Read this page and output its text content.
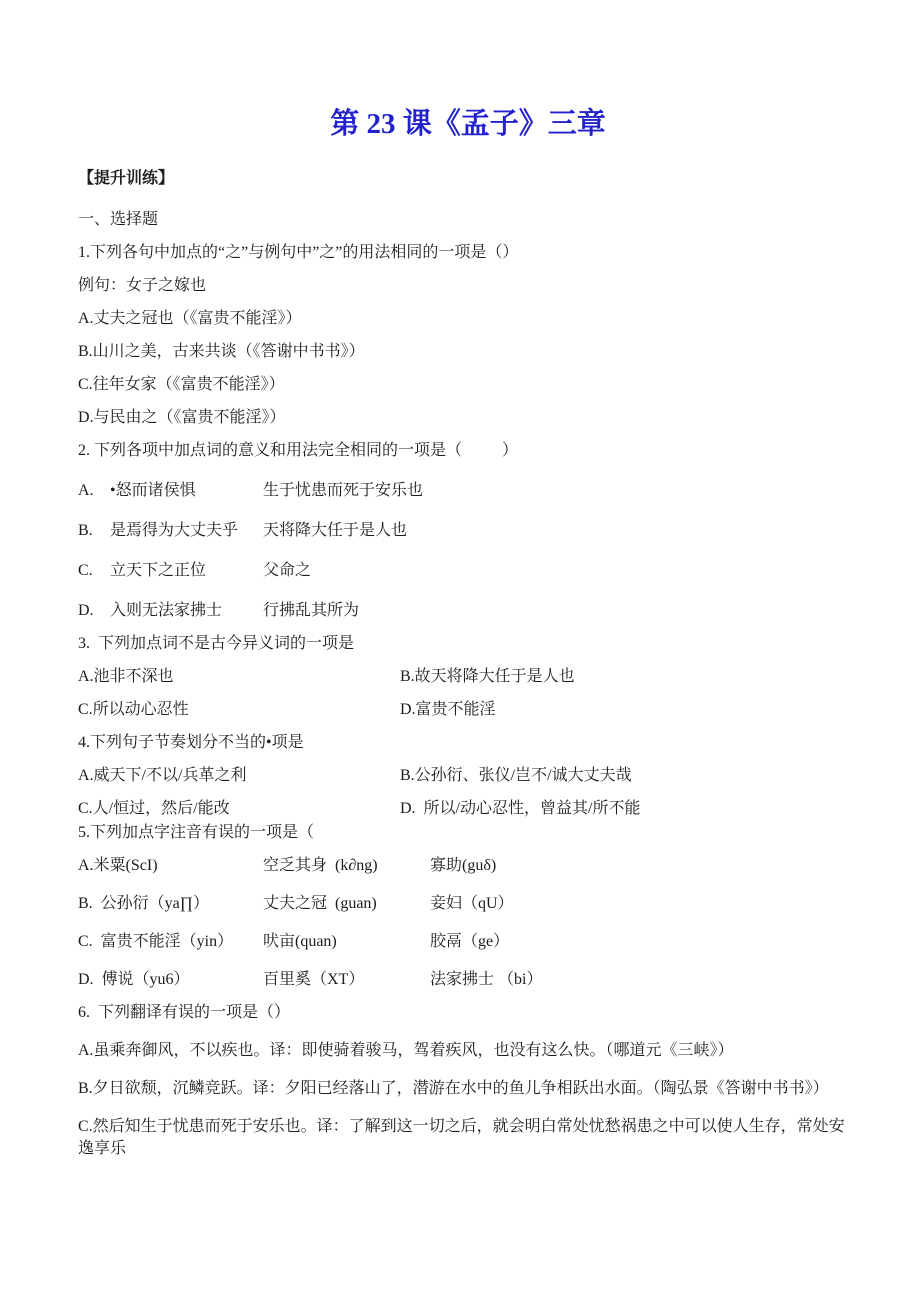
第 23 课《孟子》三章
【提升训练】
一、选择题
1.下列各句中加点的“之”与例句中”之”的用法相同的一项是（）
例句：女子之嫁也
A.丈夫之冠也（《富贵不能淫》）
B.山川之美，古来共谈（《答谢中书书》）
C.往年女家（《富贵不能淫》）
D.与民由之（《富贵不能淫》）
2. 下列各项中加点词的意义和用法完全相同的一项是（          ）
A.	•怒而诸侯惧	生于忧患而死于安乐也
B.	是焉得为大丈夫乎	天将降大任于是人也
C.	立天下之正位	父命之
D.	入则无法家拂士	行拂乱其所为
3.  下列加点词不是古今异义词的一项是
A.池非不深也	B.故天将降大任于是人也
C.所以动心忍性	D.富贵不能淫
4.下列句子节奏划分不当的•项是
A.威天下/不以/兵革之利	B.公孙衍、张仪/岂不/诚大丈夫哉
C.人/恒过，然后/能改	D.  所以/动心忍性，曾益其/所不能
5.下列加点字注音有误的一项是（
A.米粟(ScI)	空乏其身  (k∂ng)	寡助(guδ)
B.  公孙衍（ya∏）	丈夫之冠  (guan)	妾妇（qU）
C.  富贵不能淫（yin）	吠亩(quan)	胶鬲（ge）
D.  傅说（yu6）	百里奚（XT）	法家拂士 （bi）
6.  下列翻译有误的一项是（）
A.虽乘奔御风，不以疾也。译：即使骑着骏马，驾着疾风，也没有这么快。（哪道元《三峡》）
B.夕日欲颓，沉鳞竞跃。译：夕阳已经落山了，潜游在水中的鱼儿争相跃出水面。（陶弘景《答谢中书书》）
C.然后知生于忧患而死于安乐也。译：了解到这一切之后，就会明白常处忧愁祸患之中可以使人生存，常处安逸享乐
